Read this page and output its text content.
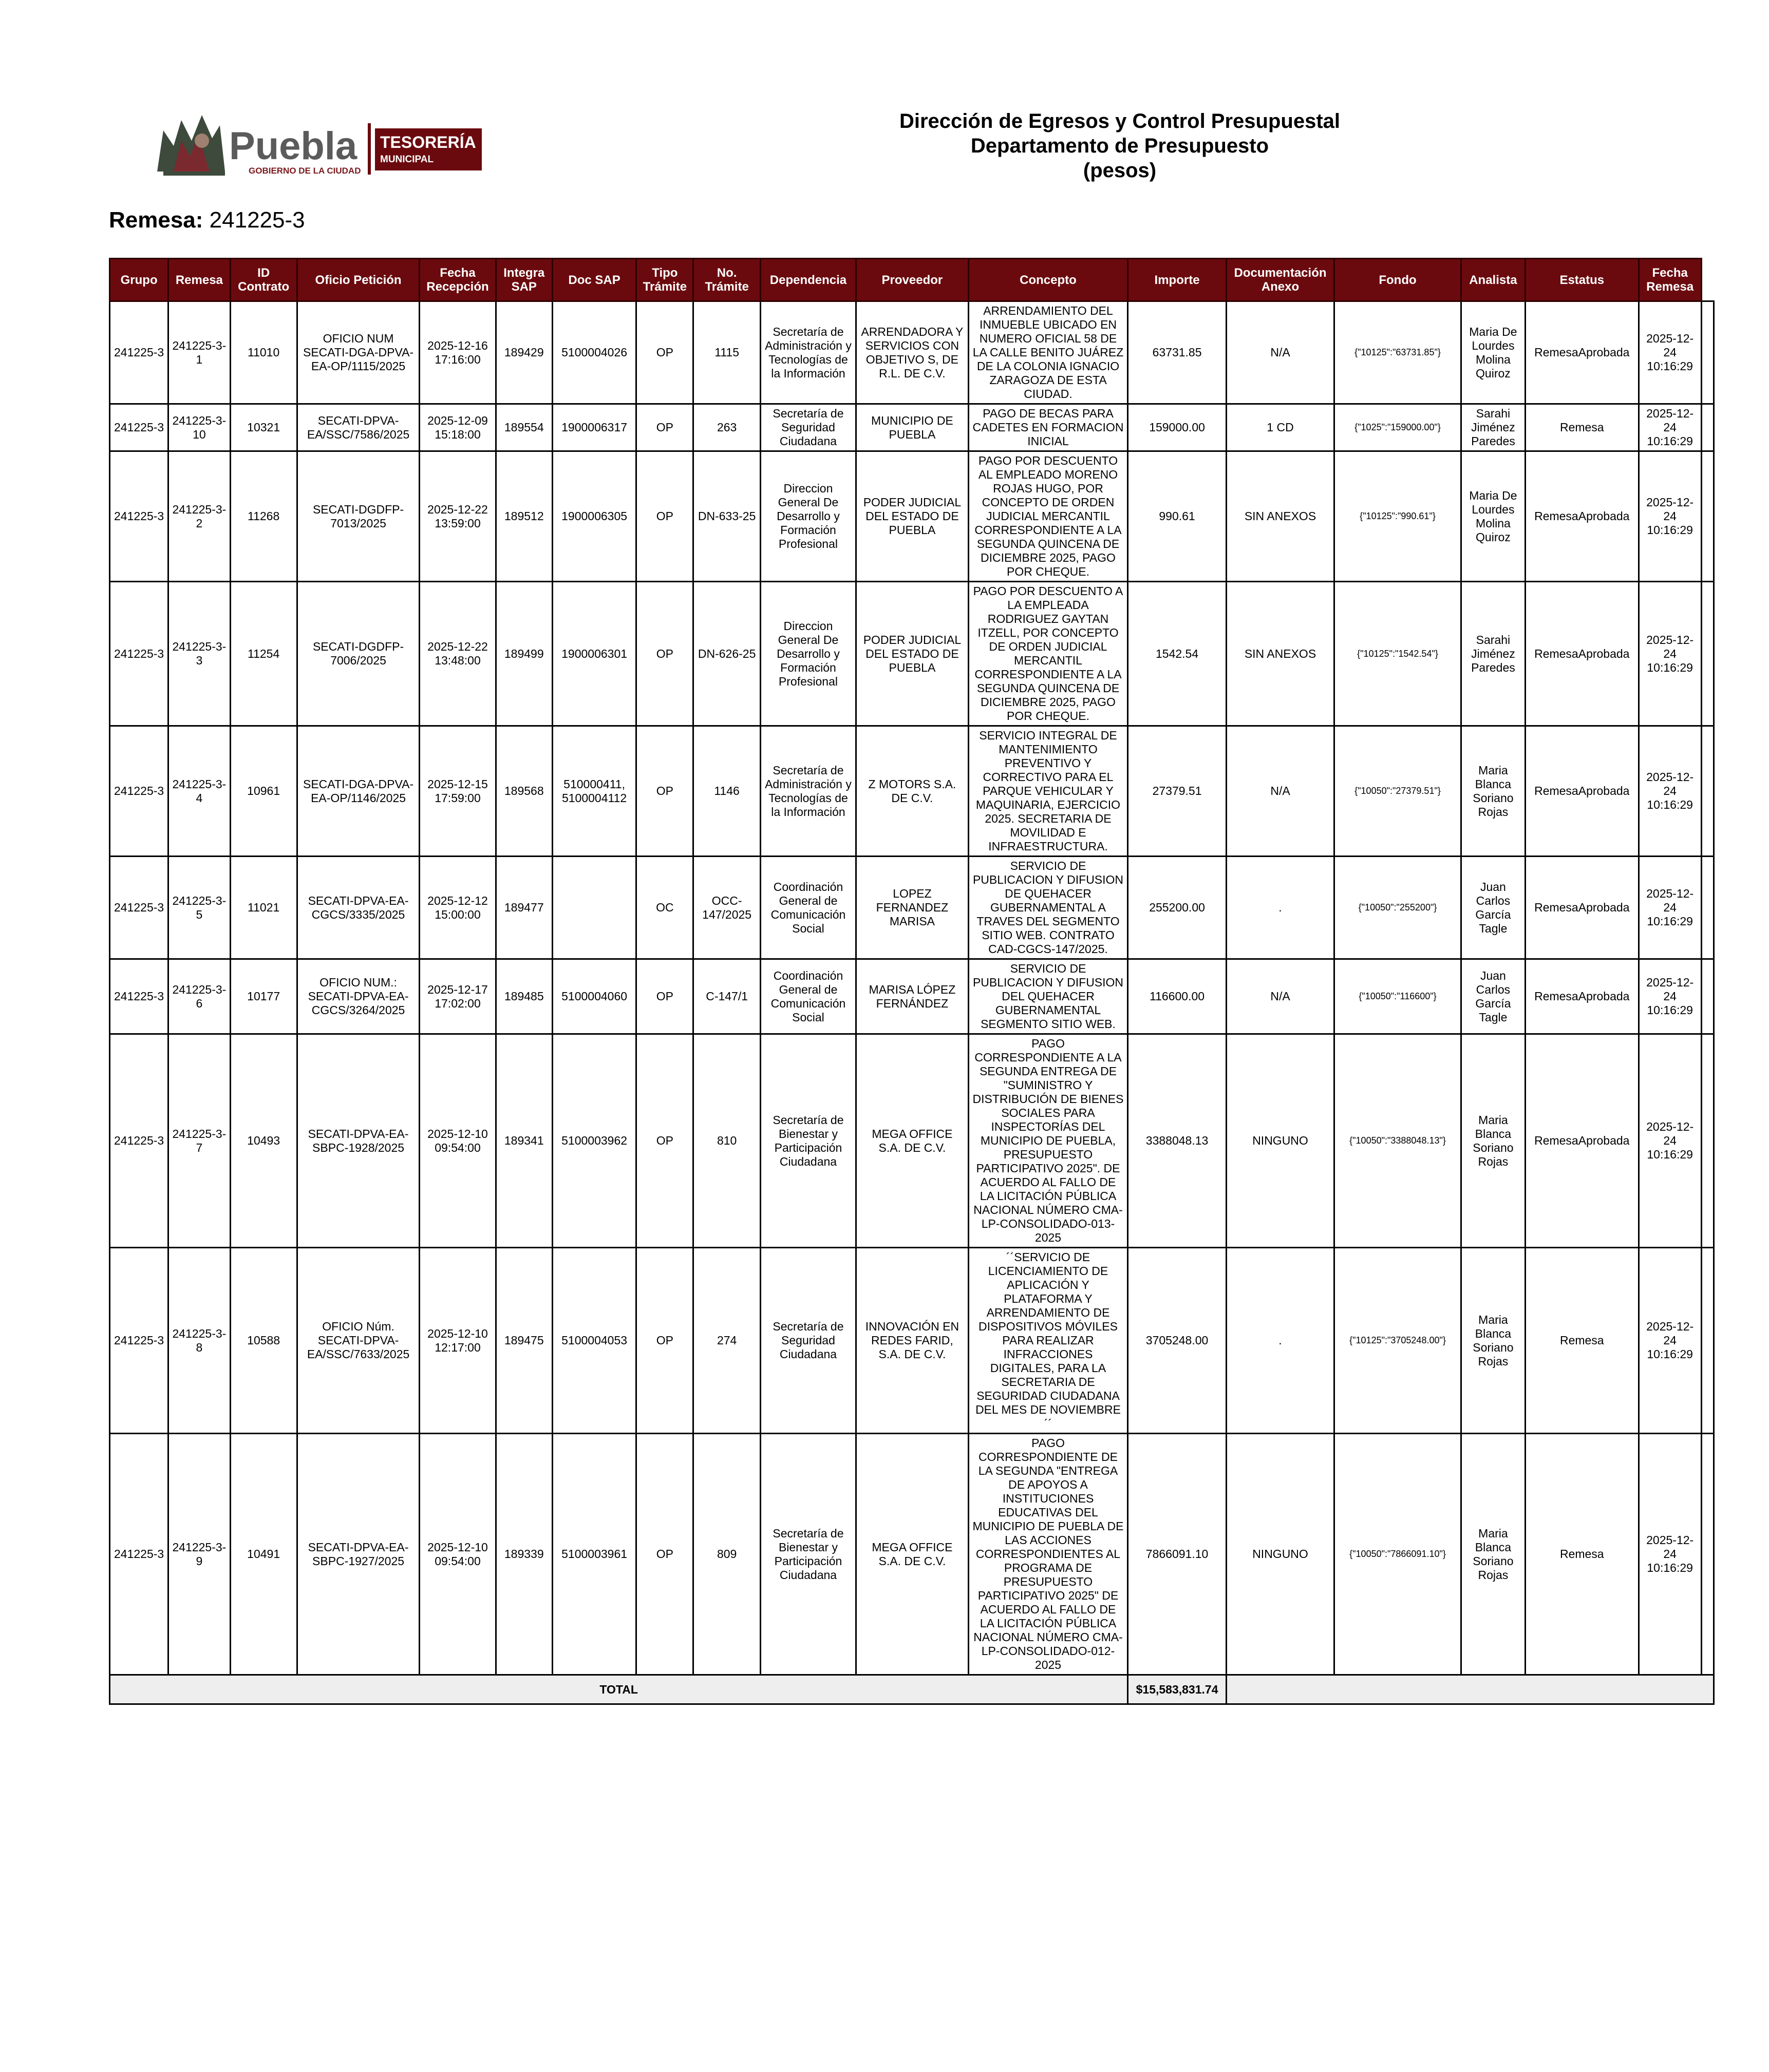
Puebla
GOBIERNO DE LA CIUDAD
TESORERÍA
MUNICIPAL
Dirección de Egresos y Control Presupuestal
Departamento de Presupuesto
(pesos)
Remesa: 241225-3
Grupo	Remesa	ID Contrato	Oficio Petición	Fecha Recepción	Integra SAP	Doc SAP	Tipo Trámite	No. Trámite	Dependencia	Proveedor	Concepto	Importe	Documentación Anexo	Fondo	Analista	Estatus	Fecha Remesa	
241225-3	241225-3-1	11010	OFICIO NUM SECATI-DGA-DPVA-EA-OP/1115/2025	2025-12-16 17:16:00	189429	5100004026	OP	1115	Secretaría de Administración y Tecnologías de la Información	ARRENDADORA Y SERVICIOS CON OBJETIVO S, DE R.L. DE C.V.	ARRENDAMIENTO DEL INMUEBLE UBICADO EN NUMERO OFICIAL 58 DE LA CALLE BENITO JUÁREZ DE LA COLONIA IGNACIO ZARAGOZA DE ESTA CIUDAD.	63731.85	N/A	{"10125":"63731.85"}	Maria De Lourdes Molina Quiroz	RemesaAprobada	2025-12-24 10:16:29	
241225-3	241225-3-10	10321	SECATI-DPVA-EA/SSC/7586/2025	2025-12-09 15:18:00	189554	1900006317	OP	263	Secretaría de Seguridad Ciudadana	MUNICIPIO DE PUEBLA	PAGO DE BECAS PARA CADETES EN FORMACION INICIAL	159000.00	1 CD	{"1025":"159000.00"}	Sarahi Jiménez Paredes	Remesa	2025-12-24 10:16:29	
241225-3	241225-3-2	11268	SECATI-DGDFP-7013/2025	2025-12-22 13:59:00	189512	1900006305	OP	DN-633-25	Direccion General De Desarrollo y Formación Profesional	PODER JUDICIAL DEL ESTADO DE PUEBLA	PAGO POR DESCUENTO AL EMPLEADO MORENO ROJAS HUGO, POR CONCEPTO DE ORDEN JUDICIAL MERCANTIL CORRESPONDIENTE A LA SEGUNDA QUINCENA DE DICIEMBRE 2025, PAGO POR CHEQUE.	990.61	SIN ANEXOS	{"10125":"990.61"}	Maria De Lourdes Molina Quiroz	RemesaAprobada	2025-12-24 10:16:29	
241225-3	241225-3-3	11254	SECATI-DGDFP-7006/2025	2025-12-22 13:48:00	189499	1900006301	OP	DN-626-25	Direccion General De Desarrollo y Formación Profesional	PODER JUDICIAL DEL ESTADO DE PUEBLA	PAGO POR DESCUENTO A LA EMPLEADA RODRIGUEZ GAYTAN ITZELL, POR CONCEPTO DE ORDEN JUDICIAL MERCANTIL CORRESPONDIENTE A LA SEGUNDA QUINCENA DE DICIEMBRE 2025, PAGO POR CHEQUE.	1542.54	SIN ANEXOS	{"10125":"1542.54"}	Sarahi Jiménez Paredes	RemesaAprobada	2025-12-24 10:16:29	
241225-3	241225-3-4	10961	SECATI-DGA-DPVA-EA-OP/1146/2025	2025-12-15 17:59:00	189568	510000411, 5100004112	OP	1146	Secretaría de Administración y Tecnologías de la Información	Z MOTORS S.A. DE C.V.	SERVICIO INTEGRAL DE MANTENIMIENTO PREVENTIVO Y CORRECTIVO PARA EL PARQUE VEHICULAR Y MAQUINARIA, EJERCICIO 2025. SECRETARIA DE MOVILIDAD E INFRAESTRUCTURA.	27379.51	N/A	{"10050":"27379.51"}	Maria Blanca Soriano Rojas	RemesaAprobada	2025-12-24 10:16:29	
241225-3	241225-3-5	11021	SECATI-DPVA-EA-CGCS/3335/2025	2025-12-12 15:00:00	189477		OC	OCC-147/2025	Coordinación General de Comunicación Social	LOPEZ FERNANDEZ MARISA	SERVICIO DE PUBLICACION Y DIFUSION DE QUEHACER GUBERNAMENTAL A TRAVES DEL SEGMENTO SITIO WEB. CONTRATO CAD-CGCS-147/2025.	255200.00	.	{"10050":"255200"}	Juan Carlos García Tagle	RemesaAprobada	2025-12-24 10:16:29	
241225-3	241225-3-6	10177	OFICIO NUM.: SECATI-DPVA-EA-CGCS/3264/2025	2025-12-17 17:02:00	189485	5100004060	OP	C-147/1	Coordinación General de Comunicación Social	MARISA LÓPEZ FERNÁNDEZ	SERVICIO DE PUBLICACION Y DIFUSION DEL QUEHACER GUBERNAMENTAL SEGMENTO SITIO WEB.	116600.00	N/A	{"10050":"116600"}	Juan Carlos García Tagle	RemesaAprobada	2025-12-24 10:16:29	
241225-3	241225-3-7	10493	SECATI-DPVA-EA-SBPC-1928/2025	2025-12-10 09:54:00	189341	5100003962	OP	810	Secretaría de Bienestar y Participación Ciudadana	MEGA OFFICE S.A. DE C.V.	PAGO CORRESPONDIENTE A LA SEGUNDA ENTREGA DE "SUMINISTRO Y DISTRIBUCIÓN DE BIENES SOCIALES PARA INSPECTORÍAS DEL MUNICIPIO DE PUEBLA, PRESUPUESTO PARTICIPATIVO 2025". DE ACUERDO AL FALLO DE LA LICITACIÓN PÚBLICA NACIONAL NÚMERO CMA-LP-CONSOLIDADO-013-2025	3388048.13	NINGUNO	{"10050":"3388048.13"}	Maria Blanca Soriano Rojas	RemesaAprobada	2025-12-24 10:16:29	
241225-3	241225-3-8	10588	OFICIO Núm. SECATI-DPVA-EA/SSC/7633/2025	2025-12-10 12:17:00	189475	5100004053	OP	274	Secretaría de Seguridad Ciudadana	INNOVACIÓN EN REDES FARID, S.A. DE C.V.	´´SERVICIO DE LICENCIAMIENTO DE APLICACIÓN Y PLATAFORMA Y ARRENDAMIENTO DE DISPOSITIVOS MÓVILES PARA REALIZAR INFRACCIONES DIGITALES, PARA LA SECRETARIA DE SEGURIDAD CIUDADANA DEL MES DE NOVIEMBRE´´	3705248.00	.	{"10125":"3705248.00"}	Maria Blanca Soriano Rojas	Remesa	2025-12-24 10:16:29	
241225-3	241225-3-9	10491	SECATI-DPVA-EA-SBPC-1927/2025	2025-12-10 09:54:00	189339	5100003961	OP	809	Secretaría de Bienestar y Participación Ciudadana	MEGA OFFICE S.A. DE C.V.	PAGO CORRESPONDIENTE DE LA SEGUNDA "ENTREGA DE APOYOS A INSTITUCIONES EDUCATIVAS DEL MUNICIPIO DE PUEBLA DE LAS ACCIONES CORRESPONDIENTES AL PROGRAMA DE PRESUPUESTO PARTICIPATIVO 2025" DE ACUERDO AL FALLO DE LA LICITACIÓN PÚBLICA NACIONAL NÚMERO CMA-LP-CONSOLIDADO-012-2025	7866091.10	NINGUNO	{"10050":"7866091.10"}	Maria Blanca Soriano Rojas	Remesa	2025-12-24 10:16:29	
TOTAL												$15,583,831.74						
